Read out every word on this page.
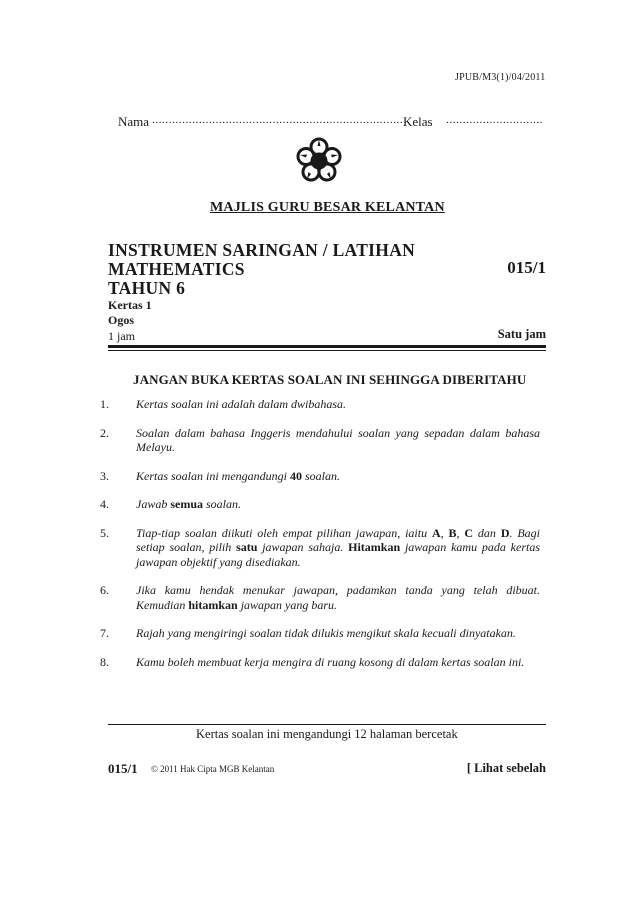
JPUB/M3(1)/04/2011
Nama ........................................................................... Kelas .............................
MAJLIS GURU BESAR KELANTAN
INSTRUMEN SARINGAN / LATIHAN
MATHEMATICS	015/1
TAHUN 6
Kertas 1
Ogos
1 jam	Satu jam
JANGAN BUKA KERTAS SOALAN INI SEHINGGA DIBERITAHU
1.	Kertas soalan ini adalah dalam dwibahasa.
2.	Soalan dalam bahasa Inggeris mendahului soalan yang sepadan dalam bahasa Melayu.
3.	Kertas soalan ini mengandungi 40 soalan.
4.	Jawab semua soalan.
5.	Tiap-tiap soalan diikuti oleh empat pilihan jawapan, iaitu A, B, C dan D. Bagi setiap soalan, pilih satu jawapan sahaja. Hitamkan jawapan kamu pada kertas jawapan objektif yang disediakan.
6.	Jika kamu hendak menukar jawapan, padamkan tanda yang telah dibuat. Kemudian hitamkan jawapan yang baru.
7.	Rajah yang mengiringi soalan tidak dilukis mengikut skala kecuali dinyatakan.
8.	Kamu boleh membuat kerja mengira di ruang kosong di dalam kertas soalan ini.
Kertas soalan ini mengandungi 12 halaman bercetak
015/1 © 2011 Hak Cipta MGB Kelantan	[ Lihat sebelah
